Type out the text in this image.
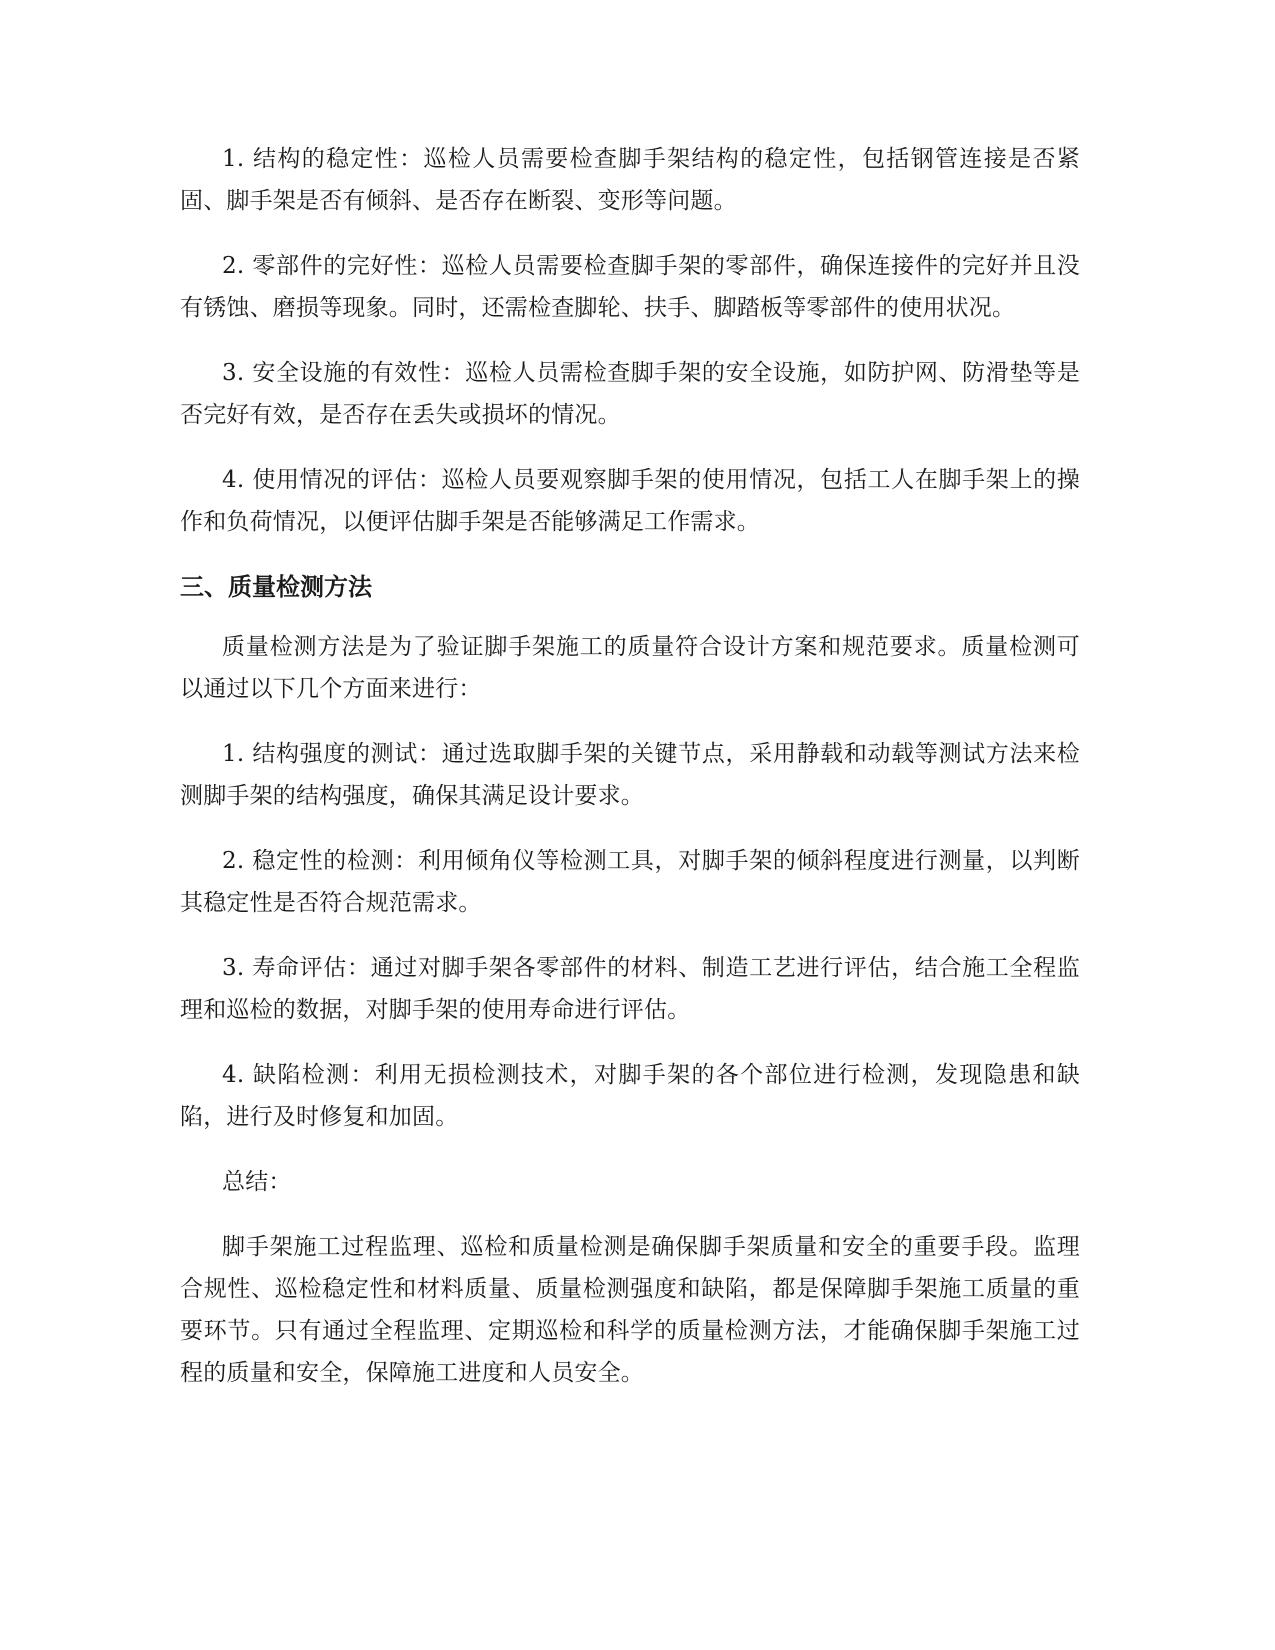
1. 结构的稳定性：巡检人员需要检查脚手架结构的稳定性，包括钢管连接是否紧固、脚手架是否有倾斜、是否存在断裂、变形等问题。

2. 零部件的完好性：巡检人员需要检查脚手架的零部件，确保连接件的完好并且没有锈蚀、磨损等现象。同时，还需检查脚轮、扶手、脚踏板等零部件的使用状况。

3. 安全设施的有效性：巡检人员需检查脚手架的安全设施，如防护网、防滑垫等是否完好有效，是否存在丢失或损坏的情况。

4. 使用情况的评估：巡检人员要观察脚手架的使用情况，包括工人在脚手架上的操作和负荷情况，以便评估脚手架是否能够满足工作需求。

三、质量检测方法

质量检测方法是为了验证脚手架施工的质量符合设计方案和规范要求。质量检测可以通过以下几个方面来进行：

1. 结构强度的测试：通过选取脚手架的关键节点，采用静载和动载等测试方法来检测脚手架的结构强度，确保其满足设计要求。

2. 稳定性的检测：利用倾角仪等检测工具，对脚手架的倾斜程度进行测量，以判断其稳定性是否符合规范需求。

3. 寿命评估：通过对脚手架各零部件的材料、制造工艺进行评估，结合施工全程监理和巡检的数据，对脚手架的使用寿命进行评估。

4. 缺陷检测：利用无损检测技术，对脚手架的各个部位进行检测，发现隐患和缺陷，进行及时修复和加固。

总结：

脚手架施工过程监理、巡检和质量检测是确保脚手架质量和安全的重要手段。监理合规性、巡检稳定性和材料质量、质量检测强度和缺陷，都是保障脚手架施工质量的重要环节。只有通过全程监理、定期巡检和科学的质量检测方法，才能确保脚手架施工过程的质量和安全，保障施工进度和人员安全。
